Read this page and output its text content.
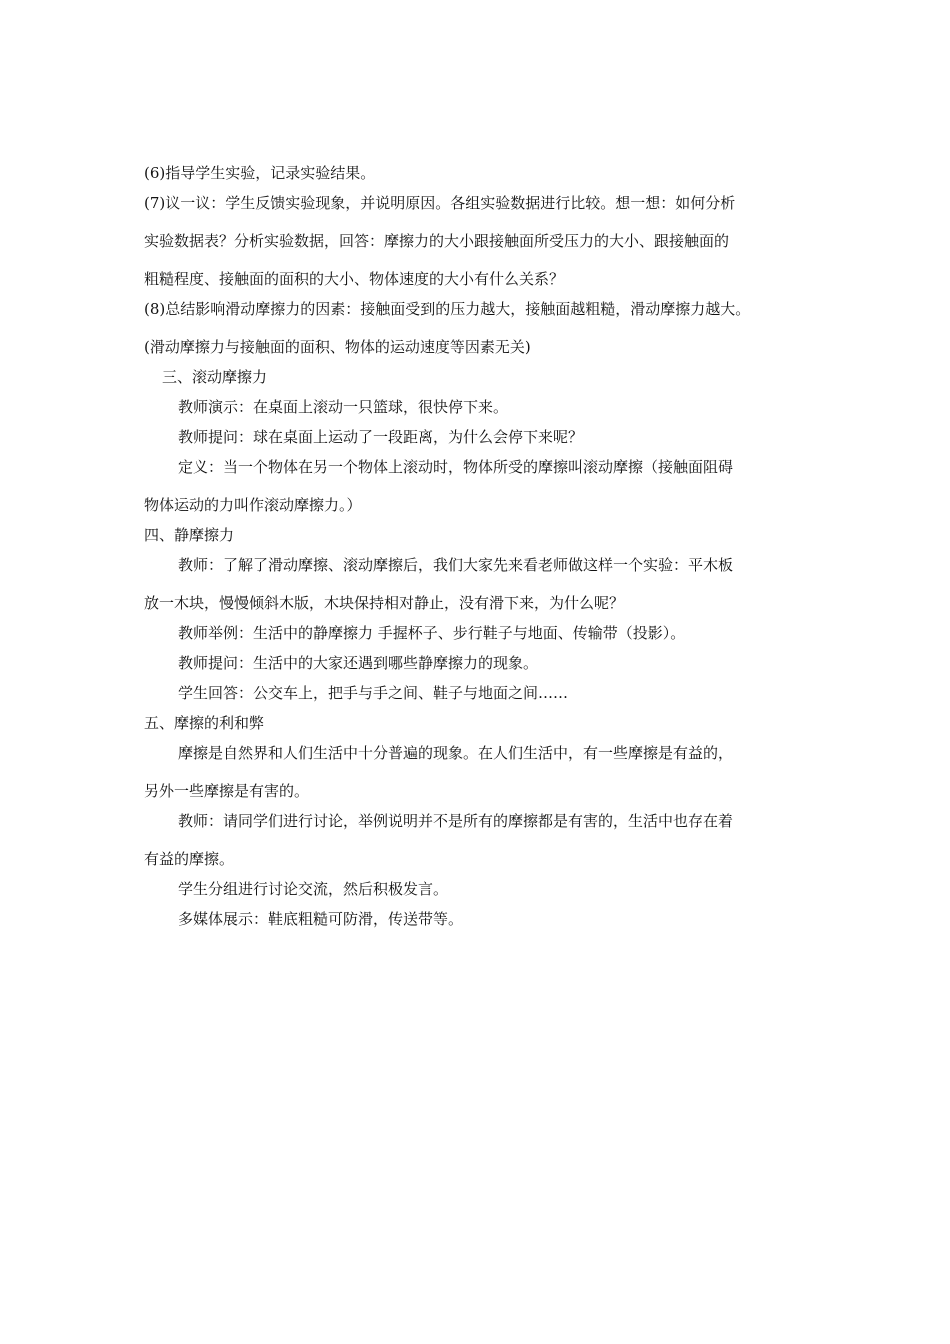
(6)指导学生实验，记录实验结果。
(7)议一议：学生反馈实验现象，并说明原因。各组实验数据进行比较。想一想：如何分析
实验数据表？分析实验数据，回答：摩擦力的大小跟接触面所受压力的大小、跟接触面的
粗糙程度、接触面的面积的大小、物体速度的大小有什么关系？
(8)总结影响滑动摩擦力的因素：接触面受到的压力越大，接触面越粗糙，滑动摩擦力越大。
(滑动摩擦力与接触面的面积、物体的运动速度等因素无关)
三、滚动摩擦力
教师演示：在桌面上滚动一只篮球，很快停下来。
教师提问：球在桌面上运动了一段距离，为什么会停下来呢？
定义：当一个物体在另一个物体上滚动时，物体所受的摩擦叫滚动摩擦（接触面阻碍
物体运动的力叫作滚动摩擦力。）
四、静摩擦力
教师：了解了滑动摩擦、滚动摩擦后，我们大家先来看老师做这样一个实验：平木板
放一木块，慢慢倾斜木版，木块保持相对静止，没有滑下来，为什么呢？
教师举例：生活中的静摩擦力 手握杯子、步行鞋子与地面、传输带（投影）。
教师提问：生活中的大家还遇到哪些静摩擦力的现象。
学生回答：公交车上，把手与手之间、鞋子与地面之间……
五、摩擦的利和弊
摩擦是自然界和人们生活中十分普遍的现象。在人们生活中，有一些摩擦是有益的，
另外一些摩擦是有害的。
教师：请同学们进行讨论，举例说明并不是所有的摩擦都是有害的，生活中也存在着
有益的摩擦。
学生分组进行讨论交流，然后积极发言。
多媒体展示：鞋底粗糙可防滑，传送带等。
